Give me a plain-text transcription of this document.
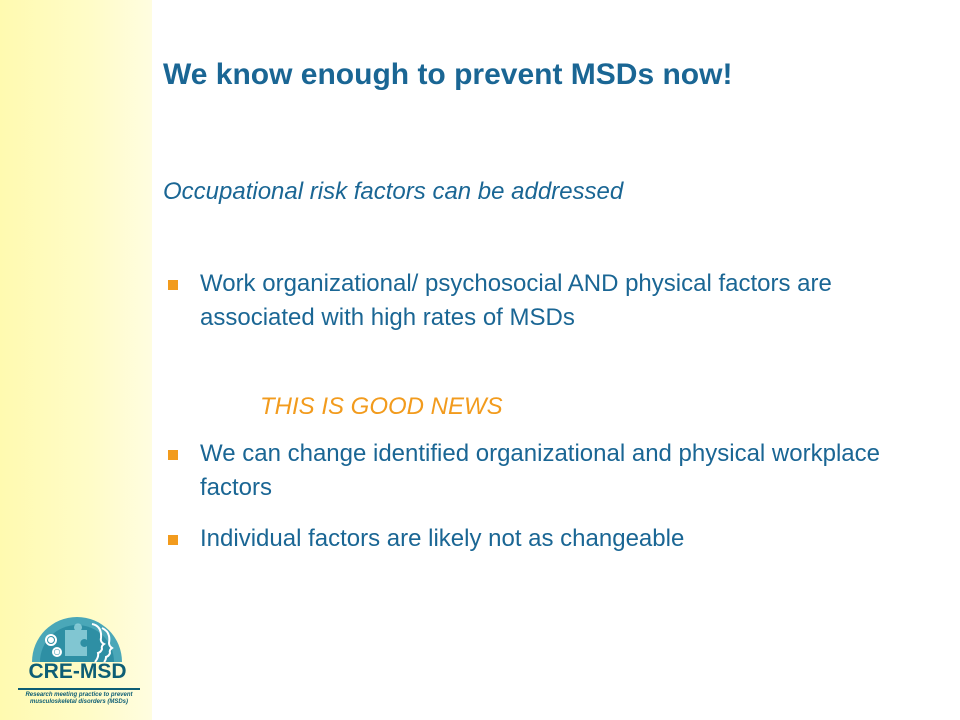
We know enough to prevent MSDs now!
Occupational risk factors can be addressed
Work organizational/ psychosocial AND physical factors are associated with high rates of MSDs
THIS IS GOOD NEWS
We can change identified organizational and physical workplace factors
Individual factors are likely not as changeable
CRE-MSD
Research meeting practice to prevent musculoskeletal disorders (MSDs)
